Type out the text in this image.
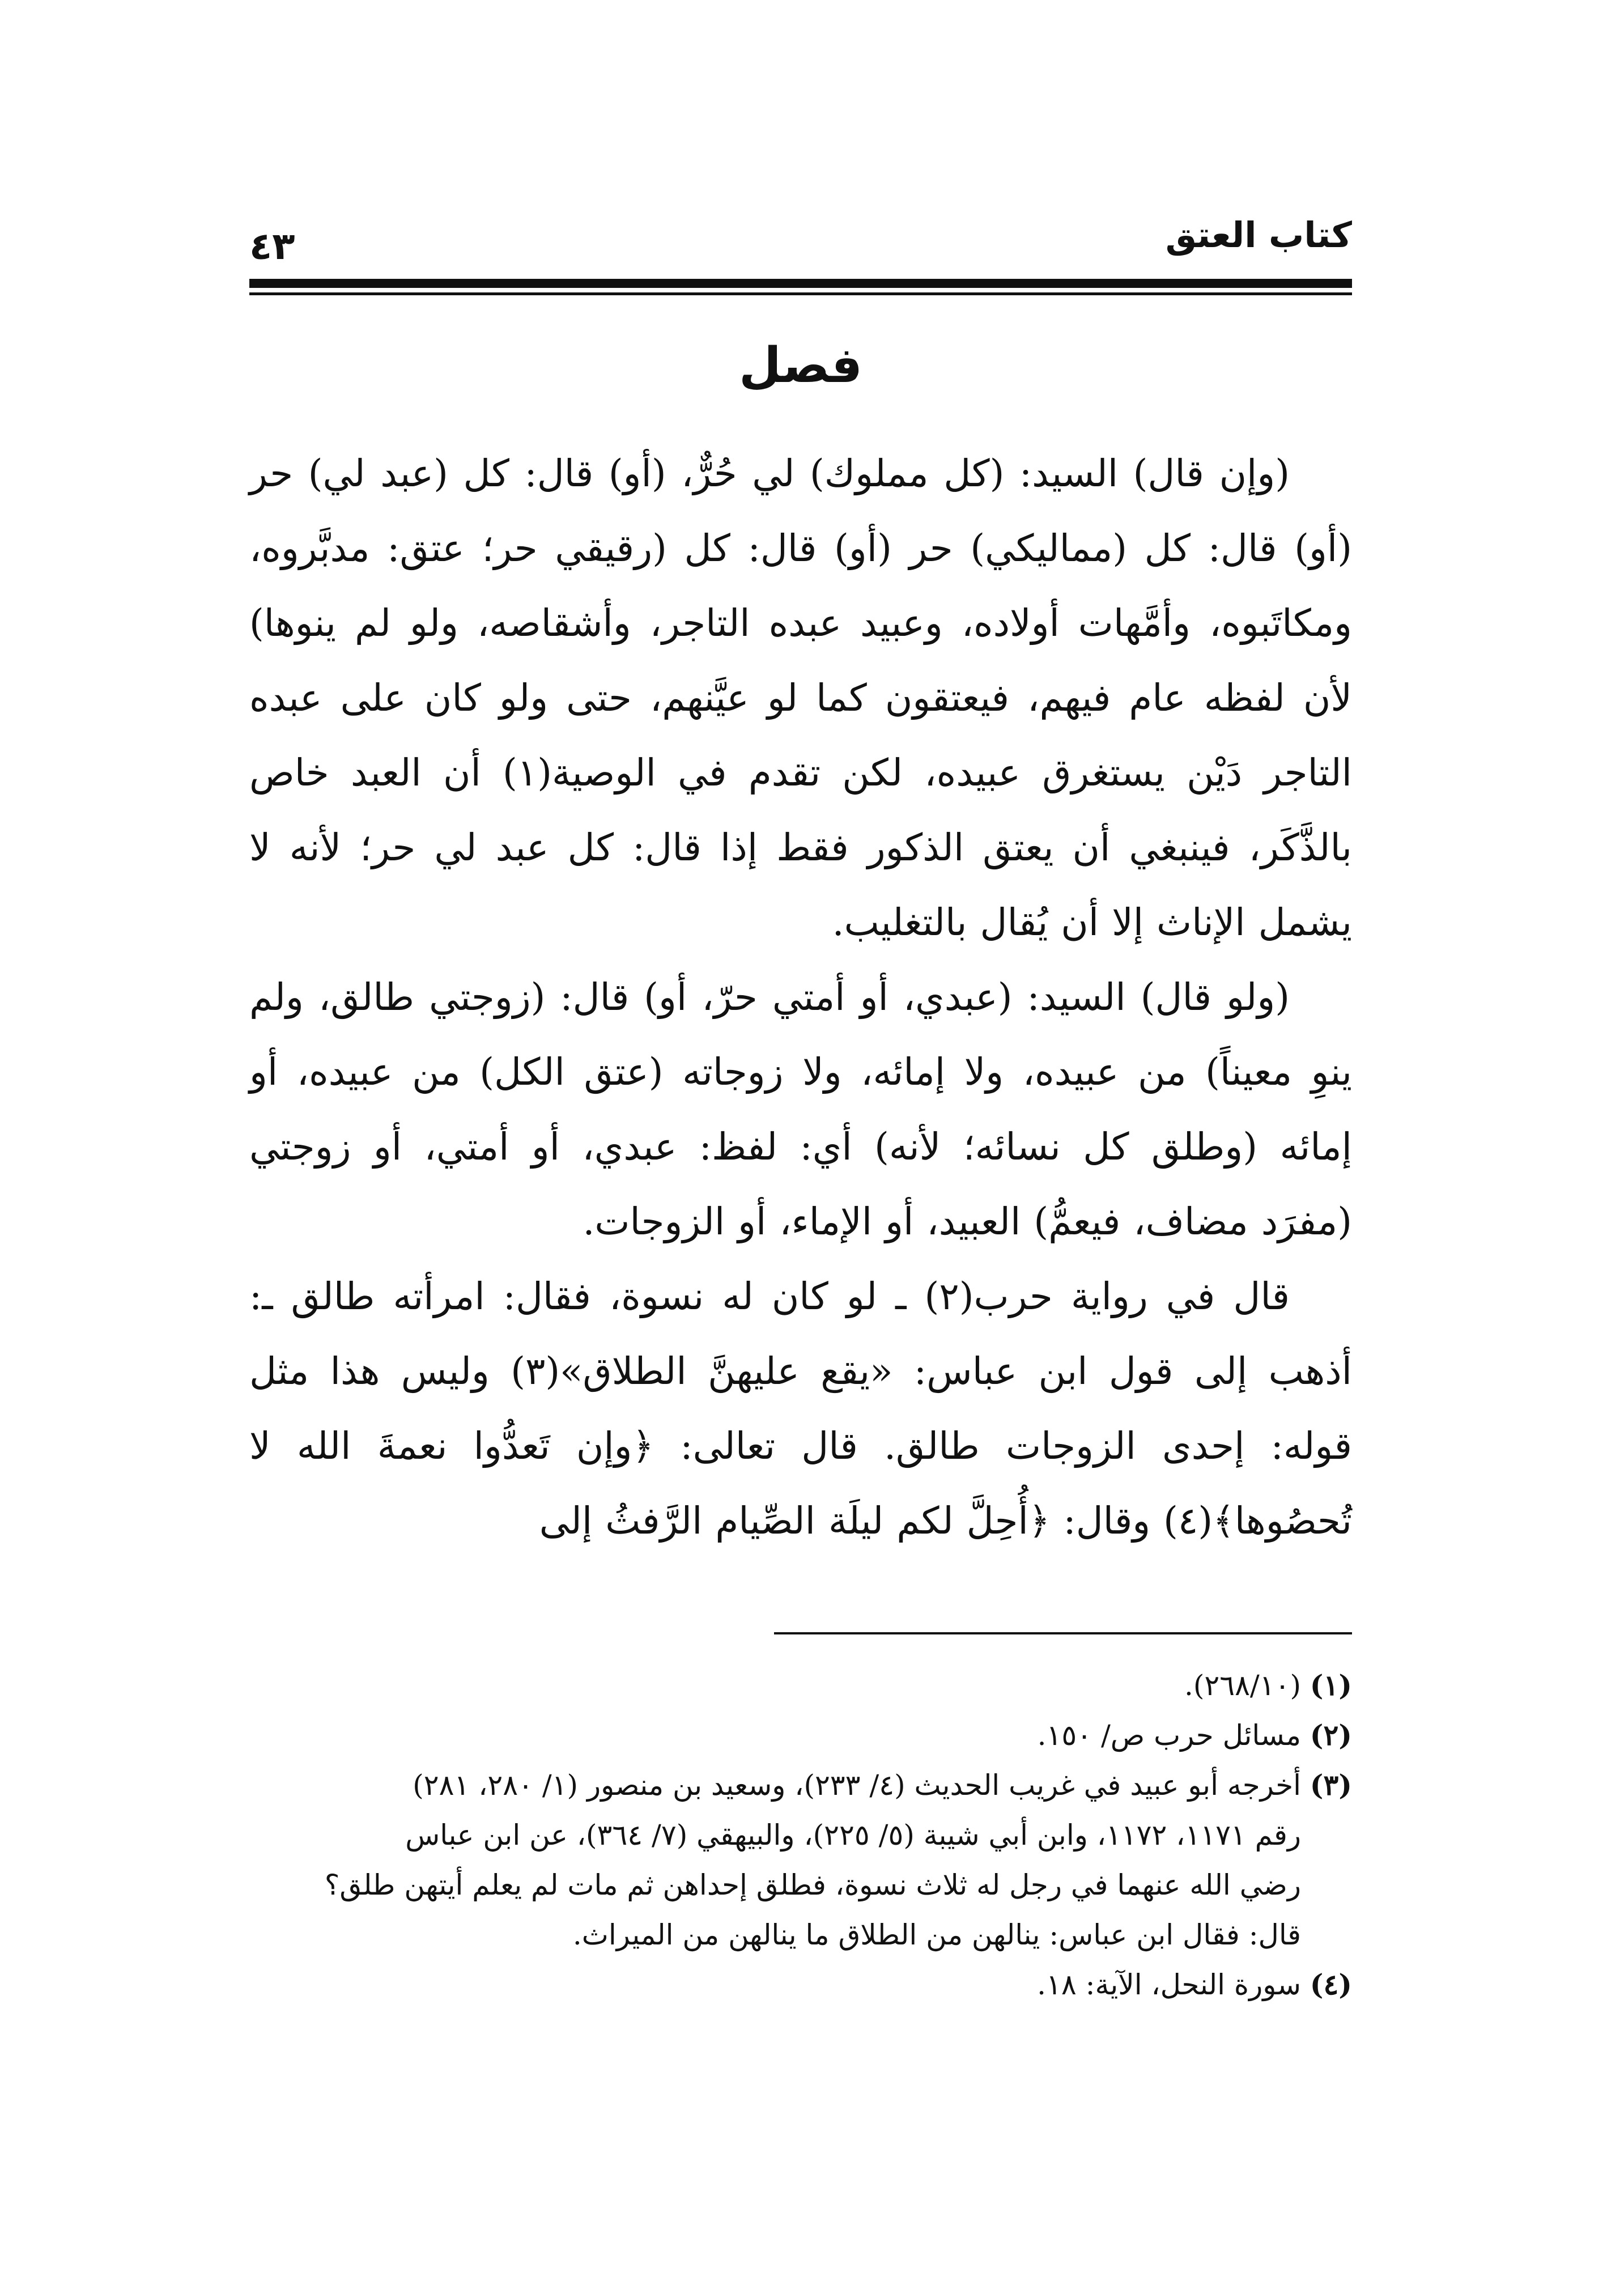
كتاب العتق
٤٣
فصل

(وإن قال) السيد: (كل مملوك) لي حُرٌّ، (أو) قال: كل (عبد لي) حر (أو) قال: كل (مماليكي) حر (أو) قال: كل (رقيقي حر؛ عتق: مدبَّروه، ومكاتَبوه، وأمَّهات أولاده، وعبيد عبده التاجر، وأشقاصه، ولو لم ينوها) لأن لفظه عام فيهم، فيعتقون كما لو عيَّنهم، حتى ولو كان على عبده التاجر دَيْن يستغرق عبيده، لكن تقدم في الوصية(١) أن العبد خاص بالذَّكَر، فينبغي أن يعتق الذكور فقط إذا قال: كل عبد لي حر؛ لأنه لا يشمل الإناث إلا أن يُقال بالتغليب.

(ولو قال) السيد: (عبدي، أو أمتي حرّ، أو) قال: (زوجتي طالق، ولم ينوِ معيناً) من عبيده، ولا إمائه، ولا زوجاته (عتق الكل) من عبيده، أو إمائه (وطلق كل نسائه؛ لأنه) أي: لفظ: عبدي، أو أمتي، أو زوجتي (مفرَد مضاف، فيعمُّ) العبيد، أو الإماء، أو الزوجات.

قال في رواية حرب(٢) ـ لو كان له نسوة، فقال: امرأته طالق ـ: أذهب إلى قول ابن عباس: «يقع عليهنَّ الطلاق»(٣) وليس هذا مثل قوله: إحدى الزوجات طالق. قال تعالى: ﴿وإن تَعدُّوا نعمةَ الله لا تُحصُوها﴾(٤) وقال: ﴿أُحِلَّ لكم ليلَة الصِّيام الرَّفثُ إلى

(١)(٢٦٨/١٠).

(٢)مسائل حرب ص/ ١٥٠.

(٣)أخرجه أبو عبيد في غريب الحديث (٤/ ٢٣٣)، وسعيد بن منصور (١/ ٢٨٠، ٢٨١)

رقم ١١٧١، ١١٧٢، وابن أبي شيبة (٥/ ٢٢٥)، والبيهقي (٧/ ٣٦٤)، عن ابن عباس

رضي الله عنهما في رجل له ثلاث نسوة، فطلق إحداهن ثم مات لم يعلم أيتهن طلق؟

قال: فقال ابن عباس: ينالهن من الطلاق ما ينالهن من الميراث.

(٤)سورة النحل، الآية: ١٨.
